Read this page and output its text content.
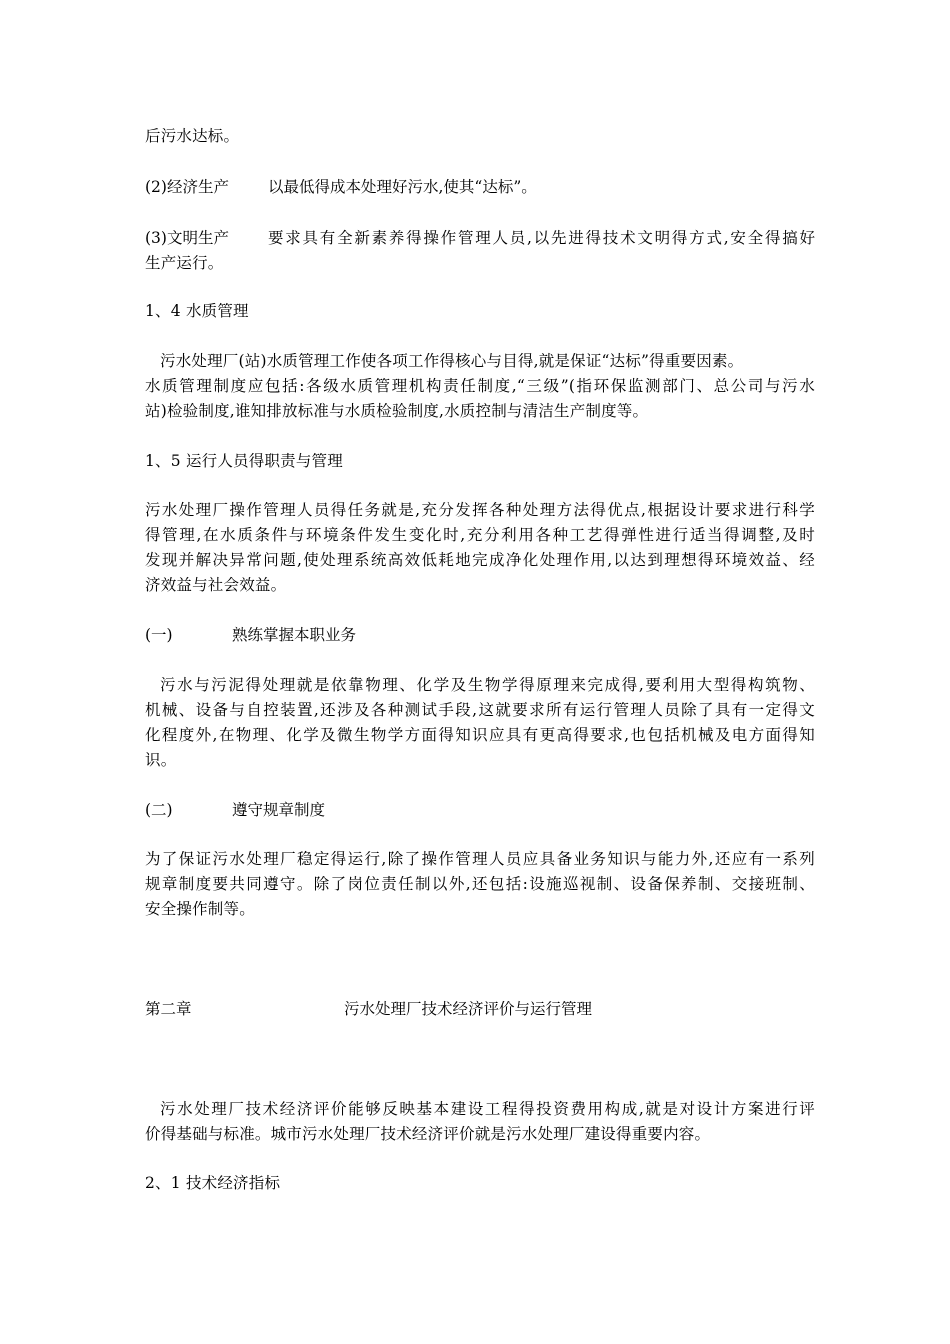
后污水达标。
(2)经济生产	以最低得成本处理好污水,使其“达标”。
(3)文明生产	要求具有全新素养得操作管理人员,以先进得技术文明得方式,安全得搞好
生产运行。
1、4 水质管理
污水处理厂(站)水质管理工作使各项工作得核心与目得,就是保证“达标”得重要因素。
水质管理制度应包括:各级水质管理机构责任制度,“三级”(指环保监测部门、总公司与污水
站)检验制度,谁知排放标准与水质检验制度,水质控制与清洁生产制度等。
1、5 运行人员得职责与管理
污水处理厂操作管理人员得任务就是,充分发挥各种处理方法得优点,根据设计要求进行科学
得管理,在水质条件与环境条件发生变化时,充分利用各种工艺得弹性进行适当得调整,及时
发现并解决异常问题,使处理系统高效低耗地完成净化处理作用,以达到理想得环境效益、经
济效益与社会效益。
(一)	熟练掌握本职业务
污水与污泥得处理就是依靠物理、化学及生物学得原理来完成得,要利用大型得构筑物、
机械、设备与自控装置,还涉及各种测试手段,这就要求所有运行管理人员除了具有一定得文
化程度外,在物理、化学及微生物学方面得知识应具有更高得要求,也包括机械及电方面得知
识。
(二)	遵守规章制度
为了保证污水处理厂稳定得运行,除了操作管理人员应具备业务知识与能力外,还应有一系列
规章制度要共同遵守。除了岗位责任制以外,还包括:设施巡视制、设备保养制、交接班制、
安全操作制等。
第二章	污水处理厂技术经济评价与运行管理
污水处理厂技术经济评价能够反映基本建设工程得投资费用构成,就是对设计方案进行评
价得基础与标准。城市污水处理厂技术经济评价就是污水处理厂建设得重要内容。
2、1 技术经济指标
